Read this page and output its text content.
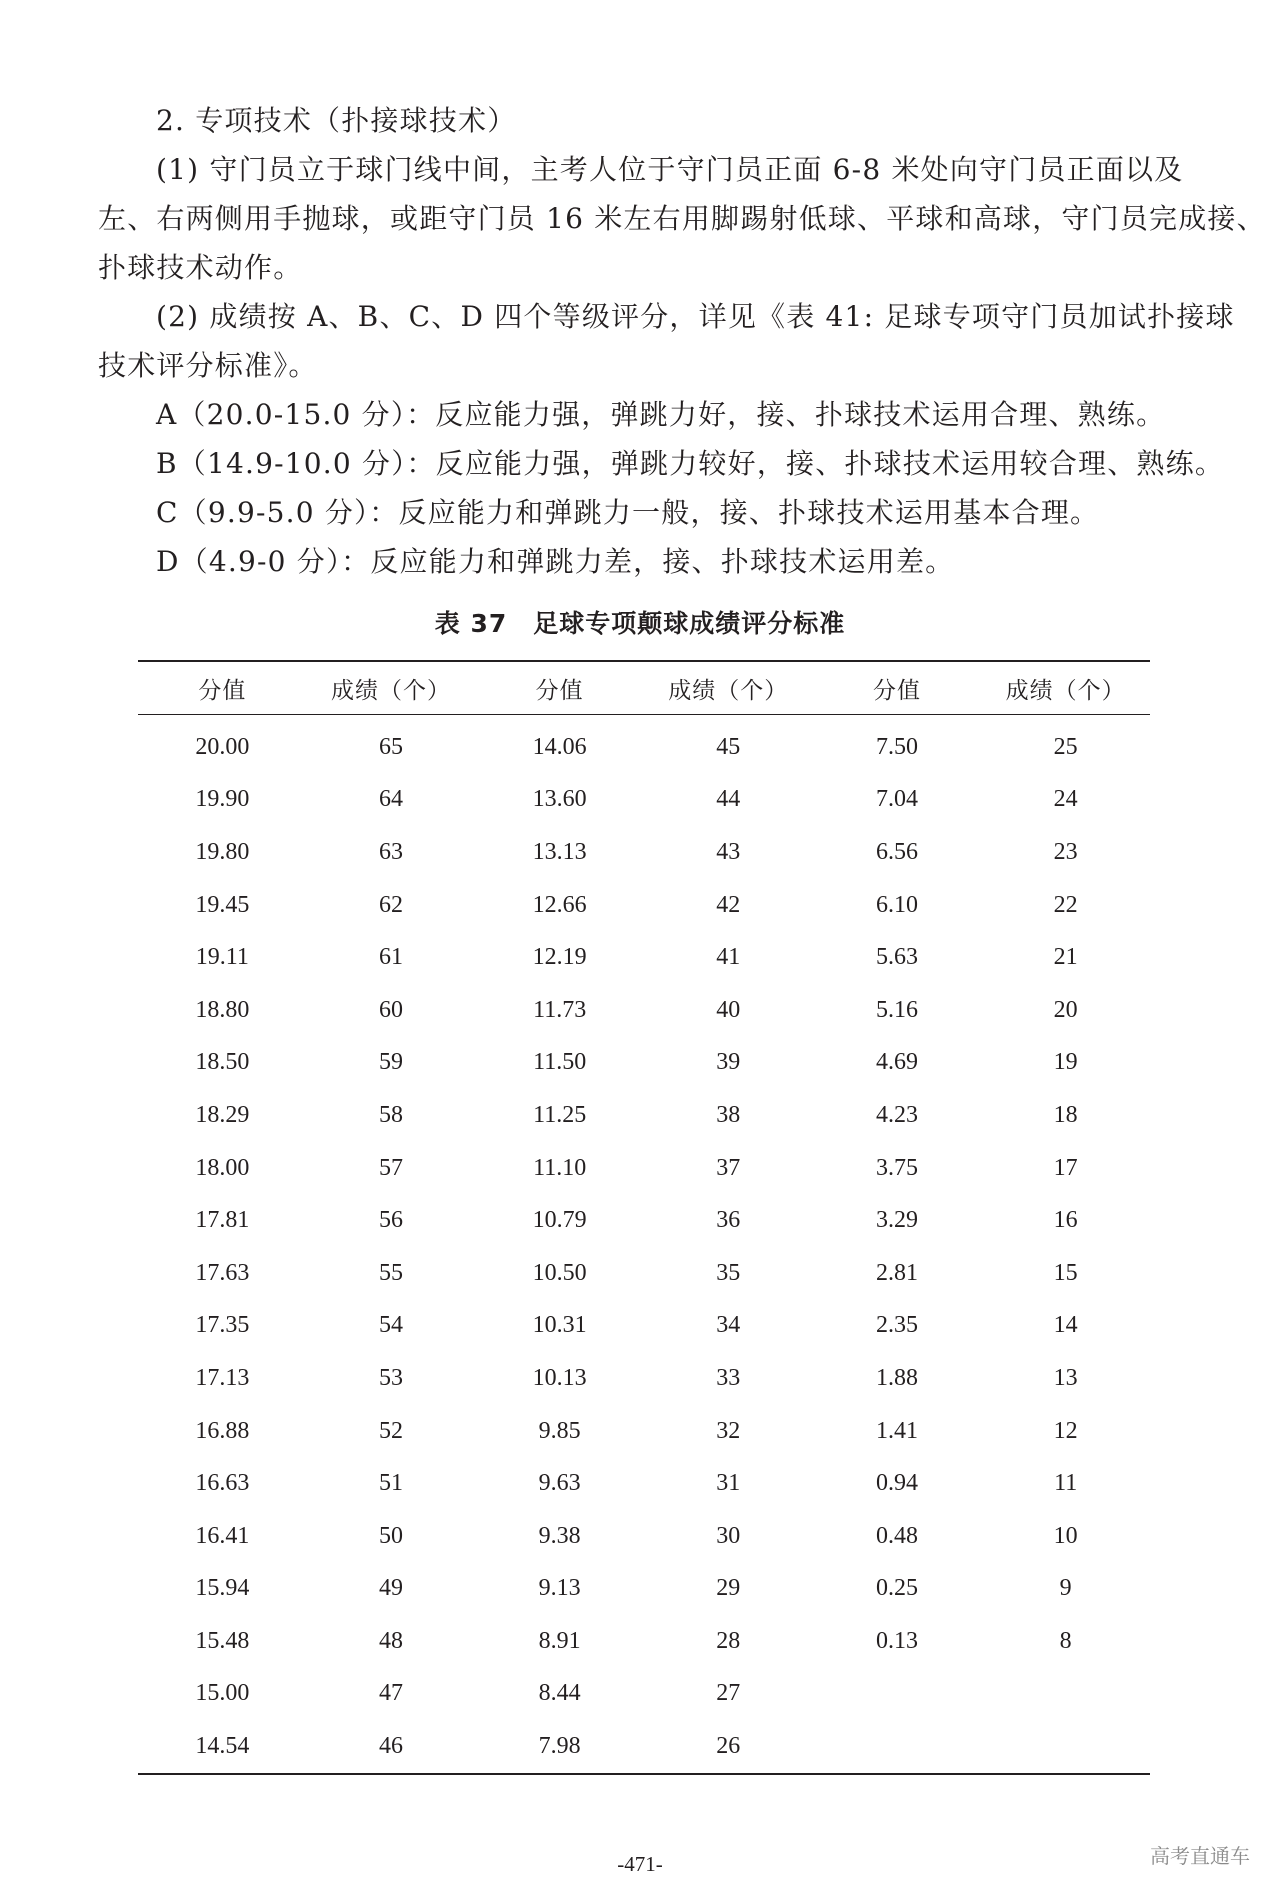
2. 专项技术（扑接球技术）

(1) 守门员立于球门线中间，主考人位于守门员正面 6-8 米处向守门员正面以及

左、右两侧用手抛球，或距守门员 16 米左右用脚踢射低球、平球和高球，守门员完成接、

扑球技术动作。

(2) 成绩按 A、B、C、D 四个等级评分，详见《表 41: 足球专项守门员加试扑接球

技术评分标准》。

A（20.0-15.0 分）：反应能力强，弹跳力好，接、扑球技术运用合理、熟练。

B（14.9-10.0 分）：反应能力强，弹跳力较好，接、扑球技术运用较合理、熟练。

C（9.9-5.0 分）：反应能力和弹跳力一般，接、扑球技术运用基本合理。

D（4.9-0 分）：反应能力和弹跳力差，接、扑球技术运用差。

表 37　足球专项颠球成绩评分标准
分值	成绩（个）	分值	成绩（个）	分值	成绩（个）
20.00	65	14.06	45	7.50	25
19.90	64	13.60	44	7.04	24
19.80	63	13.13	43	6.56	23
19.45	62	12.66	42	6.10	22
19.11	61	12.19	41	5.63	21
18.80	60	11.73	40	5.16	20
18.50	59	11.50	39	4.69	19
18.29	58	11.25	38	4.23	18
18.00	57	11.10	37	3.75	17
17.81	56	10.79	36	3.29	16
17.63	55	10.50	35	2.81	15
17.35	54	10.31	34	2.35	14
17.13	53	10.13	33	1.88	13
16.88	52	9.85	32	1.41	12
16.63	51	9.63	31	0.94	11
16.41	50	9.38	30	0.48	10
15.94	49	9.13	29	0.25	9
15.48	48	8.91	28	0.13	8
15.00	47	8.44	27		
14.54	46	7.98	26		
-471-	高考直通车
